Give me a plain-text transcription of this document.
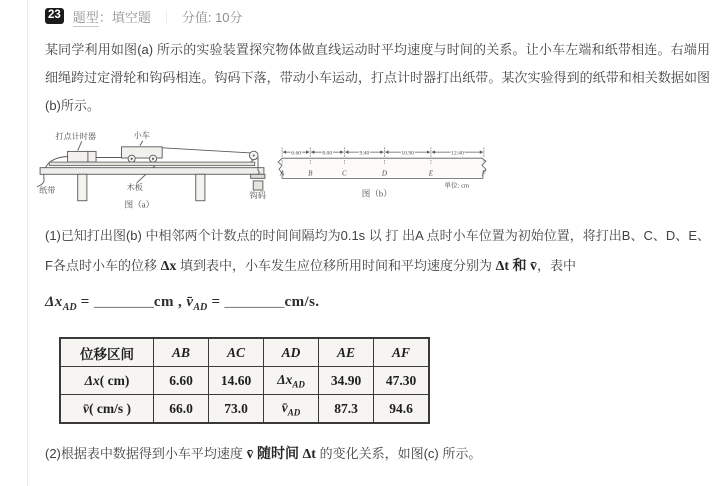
23 题型：填空题 ｜ 分值: 10分
某同学利用如图(a) 所示的实验装置探究物体做直线运动时平均速度与时间的关系。让小车左端和纸带相连。右端用细绳跨过定滑轮和钩码相连。钩码下落，带动小车运动，打点计时器打出纸带。某次实验得到的纸带和相关数据如图(b)所示。
打点计时器	小车
纸带	木板
钩码
图（a）
6.60	8.00	9.40	10.90	12.40
A	B	C	D	E	F
单位: cm
图（b）
(1)已知打出图(b) 中相邻两个计数点的时间间隔均为0.1s 以 打 出A 点时小车位置为初始位置，将打出B、C、D、E、F各点时小车的位移 Δx 填到表中，小车发生应位移所用时间和平均速度分别为 Δt 和 v̄，表中
$\Delta x_{AD}$ = ________cm , $v̄_{AD}$ = ________cm/s.
位移区间	AB	AC	AD	AE	AF
Δx( cm)	6.60	14.60	$\Delta x_{AD}$	34.90	47.30
v̄( cm/s )	66.0	73.0	$v̄_{AD}$	87.3	94.6
(2)根据表中数据得到小车平均速度 v̄ 随时间 Δt 的变化关系，如图(c) 所示。
